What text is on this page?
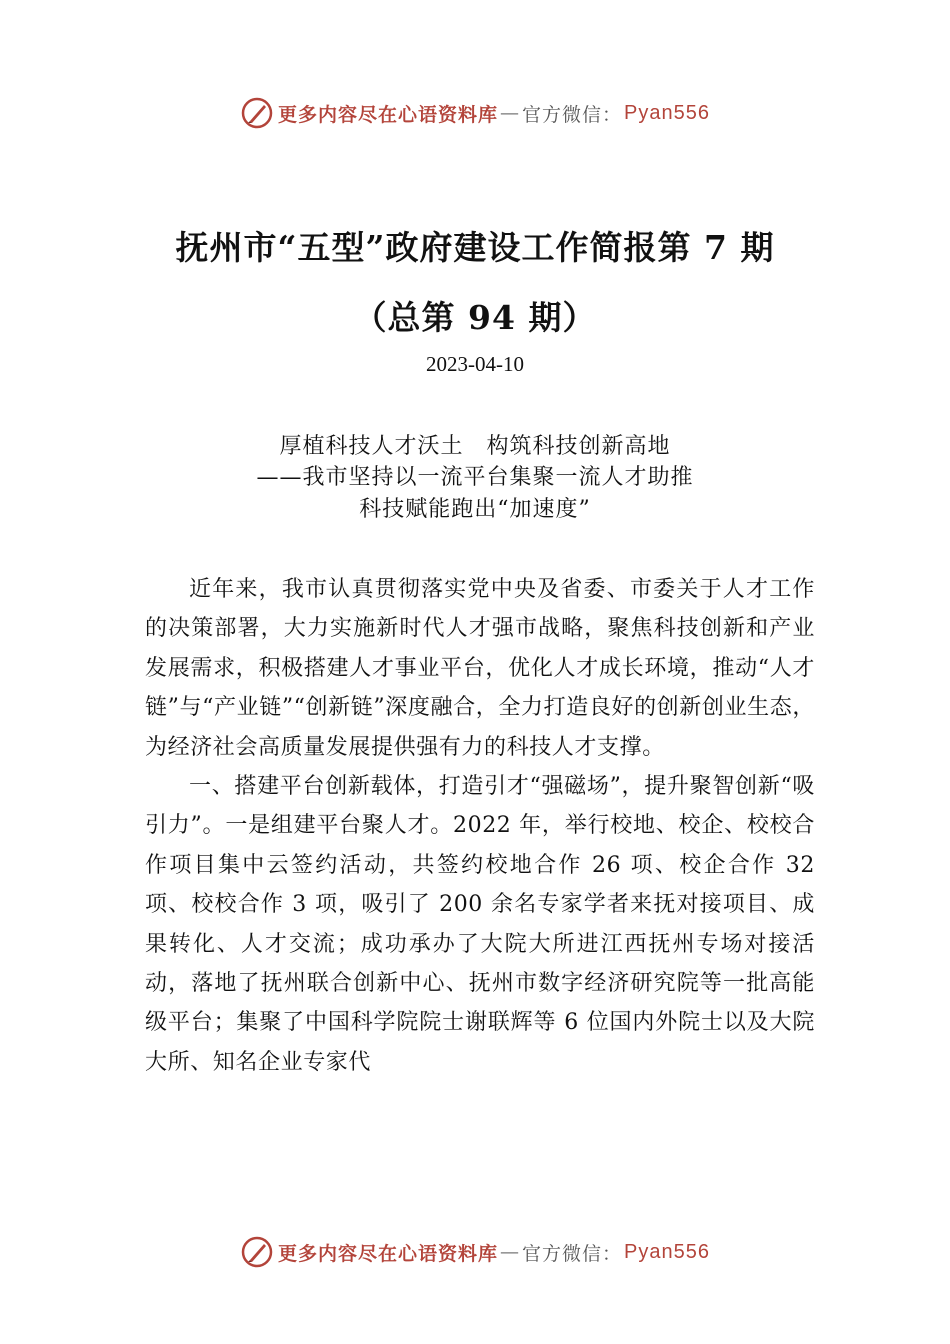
更多内容尽在心语资料库 — 官方微信： Pyan556
抚州市“五型”政府建设工作简报第 7 期
（总第 94 期）
2023-04-10
厚植科技人才沃土　构筑科技创新高地
——我市坚持以一流平台集聚一流人才助推
科技赋能跑出“加速度”

近年来，我市认真贯彻落实党中央及省委、市委关于人才工作的决策部署，大力实施新时代人才强市战略，聚焦科技创新和产业发展需求，积极搭建人才事业平台，优化人才成长环境，推动“人才链”与“产业链”“创新链”深度融合，全力打造良好的创新创业生态，为经济社会高质量发展提供强有力的科技人才支撑。

一、搭建平台创新载体，打造引才“强磁场”，提升聚智创新“吸引力”。一是组建平台聚人才。2022 年，举行校地、校企、校校合作项目集中云签约活动，共签约校地合作 26 项、校企合作 32 项、校校合作 3 项，吸引了 200 余名专家学者来抚对接项目、成果转化、人才交流；成功承办了大院大所进江西抚州专场对接活动，落地了抚州联合创新中心、抚州市数字经济研究院等一批高能级平台；集聚了中国科学院院士谢联辉等 6 位国内外院士以及大院大所、知名企业专家代

更多内容尽在心语资料库 — 官方微信： Pyan556
